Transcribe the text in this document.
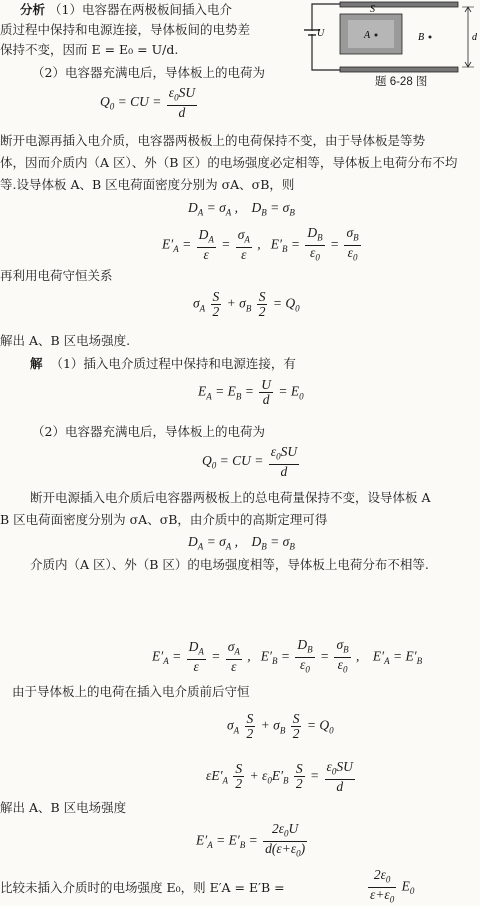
S
U	A	B	d
题 6-28 图
分析 （1）电容器在两极板间插入电介
质过程中保持和电源连接，导体板间的电势差
保持不变，因而 E = E₀ = U/d.
（2）电容器充满电后，导体板上的电荷为
$Q_0$ = CU = $\frac{\varepsilon_0SU}{d}$
断开电源再插入电介质，电容器两极板上的电荷保持不变，由于导体板是等势
体，因而介质内（A 区）、外（B 区）的电场强度必定相等，导体板上电荷分布不均
等.设导体板 A、B 区电荷面密度分别为 σA、σB，则
$D_A = \sigma_A$ ,    $D_B = \sigma_B$
$E'_A = \frac{D_A}{\varepsilon} = \frac{\sigma_A}{\varepsilon}$ ,   $E'_B = \frac{D_B}{\varepsilon_0} = \frac{\sigma_B}{\varepsilon_0}$
再利用电荷守恒关系
$\sigma_A \frac{S}{2} + \sigma_B \frac{S}{2} = Q_0$
解出 A、B 区电场强度.
解 （1）插入电介质过程中保持和电源连接，有
$E_A = E_B = \frac{U}{d} = E_0$
（2）电容器充满电后，导体板上的电荷为
$Q_0$ = CU = $\frac{\varepsilon_0SU}{d}$
断开电源插入电介质后电容器两极板上的总电荷量保持不变，设导体板 A
B 区电荷面密度分别为 σA、σB，由介质中的高斯定理可得
$D_A = \sigma_A$ ,    $D_B = \sigma_B$
介质内（A 区）、外（B 区）的电场强度相等，导体板上电荷分布不相等.
$E'_A = \frac{D_A}{\varepsilon} = \frac{\sigma_A}{\varepsilon}$ ,   $E'_B = \frac{D_B}{\varepsilon_0} = \frac{\sigma_B}{\varepsilon_0}$ ,    $E'_A = E'_B$
由于导体板上的电荷在插入电介质前后守恒
$\sigma_A \frac{S}{2} + \sigma_B \frac{S}{2} = Q_0$
$\varepsilon E'_A \frac{S}{2} + \varepsilon_0E'_B \frac{S}{2} = \frac{\varepsilon_0SU}{d}$
解出 A、B 区电场强度
$E'_A = E'_B = \frac{2\varepsilon_0U}{d(\varepsilon+\varepsilon_0)}$
比较未插入介质时的电场强度 E₀，则 E′A = E′B =	$\frac{2\varepsilon_0}{\varepsilon+\varepsilon_0} E_0$
